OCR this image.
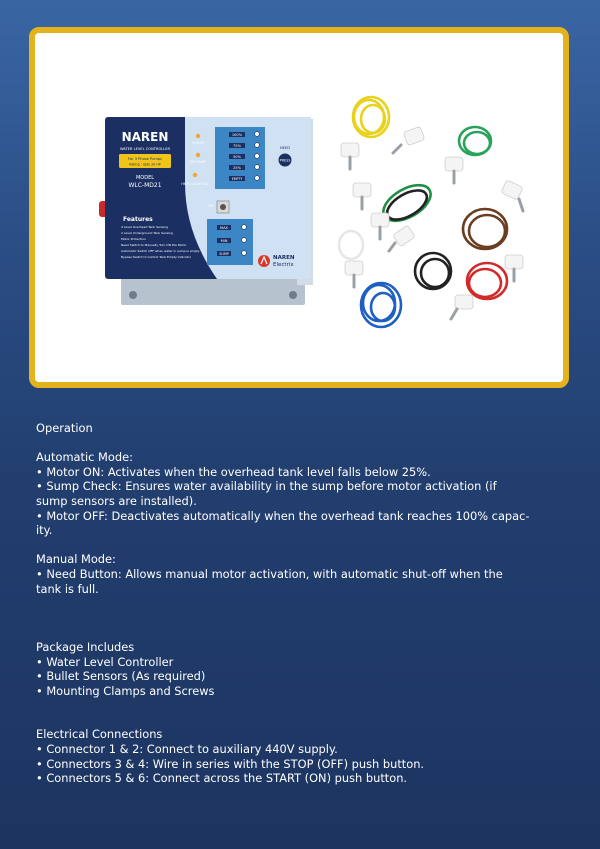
NAREN
WATER LEVEL CONTROLLER
For 3 Phase Pumps
Rating : Upto 20 HP
MODEL
WLC-MD21
POWER
DRY PUMP
HIGH / LOW VOLT
100%
75%
50%
25%
EMPTY
NEED
PRESS
ON
MAX
MIN
SUMP
Features
4 Level Overhead Tank Sensing
2 Level Underground Tank Sensing
Motor Protection
Need Switch to Manually Turn ON the Motor
Automatic Switch OFF when water in sump is empty
Bypass Switch to Control Tank Empty Indicator	NAREN
Electrix

Operation

Automatic Mode:

• Motor ON: Activates when the overhead tank level falls below 25%.
• Sump Check: Ensures water availability in the sump before motor activation (if
sump sensors are installed).
• Motor OFF: Deactivates automatically when the overhead tank reaches 100% capac-
ity.

Manual Mode:

• Need Button: Allows manual motor activation, with automatic shut-off when the
tank is full.

Package Includes

• Water Level Controller
• Bullet Sensors (As required)
• Mounting Clamps and Screws

Electrical Connections

• Connector 1 & 2: Connect to auxiliary 440V supply.
• Connectors 3 & 4: Wire in series with the STOP (OFF) push button.
• Connectors 5 & 6: Connect across the START (ON) push button.
